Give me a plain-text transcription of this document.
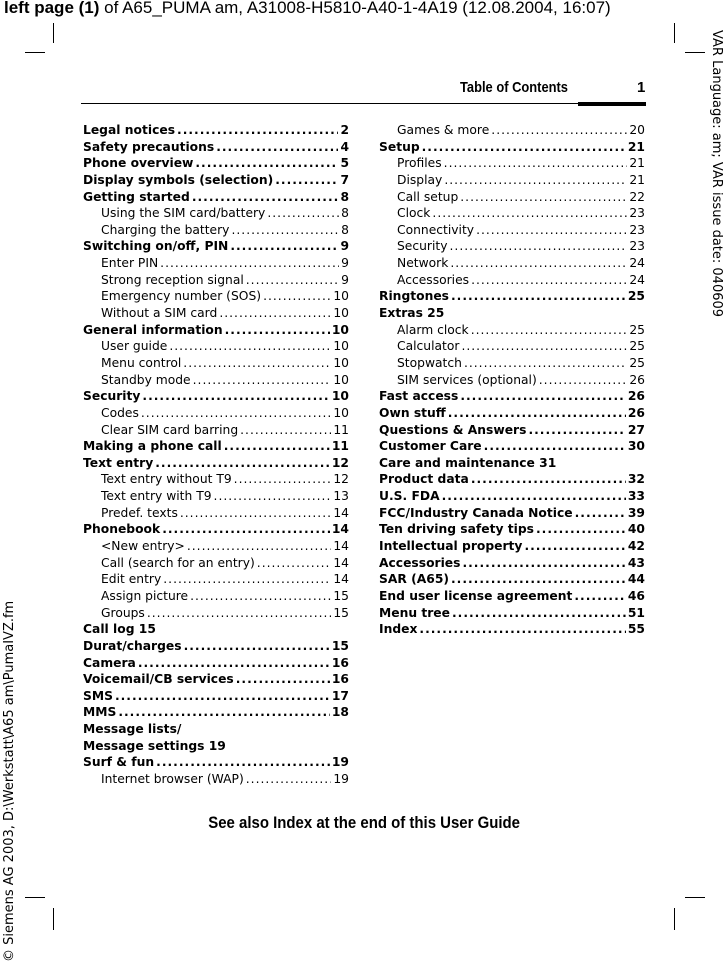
left page (1) of A65_PUMA am, A31008-H5810-A40-1-4A19 (12.08.2004, 16:07)
VAR Language: am; VAR issue date: 040609
© Siemens AG 2003, D:\Werkstatt\A65 am\PumaIVZ.fm
Table of Contents	1
Legal notices .....	2
Safety precautions .....	4
Phone overview .....	5
Display symbols (selection) .....	7
Getting started .....	8
Using the SIM card/battery .....	8
Charging the battery .....	8
Switching on/off, PIN .....	9
Enter PIN .....	9
Strong reception signal .....	9
Emergency number (SOS) .....	10
Without a SIM card .....	10
General information .....	10
User guide .....	10
Menu control .....	10
Standby mode .....	10
Security .....	10
Codes .....	10
Clear SIM card barring .....	11
Making a phone call .....	11
Text entry .....	12
Text entry without T9 .....	12
Text entry with T9 .....	13
Predef. texts .....	14
Phonebook .....	14
<New entry> .....	14
Call (search for an entry) .....	14
Edit entry .....	14
Assign picture .....	15
Groups .....	15
Call log 15
Durat/charges .....	15
Camera .....	16
Voicemail/CB services .....	16
SMS .....	17
MMS .....	18
Message lists/
Message settings 19
Surf & fun .....	19
Internet browser (WAP) .....	19
Games & more .....	20
Setup .....	21
Profiles .....	21
Display .....	21
Call setup .....	22
Clock .....	23
Connectivity .....	23
Security .....	23
Network .....	24
Accessories .....	24
Ringtones .....	25
Extras 25
Alarm clock .....	25
Calculator .....	25
Stopwatch .....	25
SIM services (optional) .....	26
Fast access .....	26
Own stuff .....	26
Questions & Answers .....	27
Customer Care .....	30
Care and maintenance 31
Product data .....	32
U.S. FDA .....	33
FCC/Industry Canada Notice .....	39
Ten driving safety tips .....	40
Intellectual property .....	42
Accessories .....	43
SAR (A65) .....	44
End user license agreement .....	46
Menu tree .....	51
Index .....	55
See also Index at the end of this User Guide
